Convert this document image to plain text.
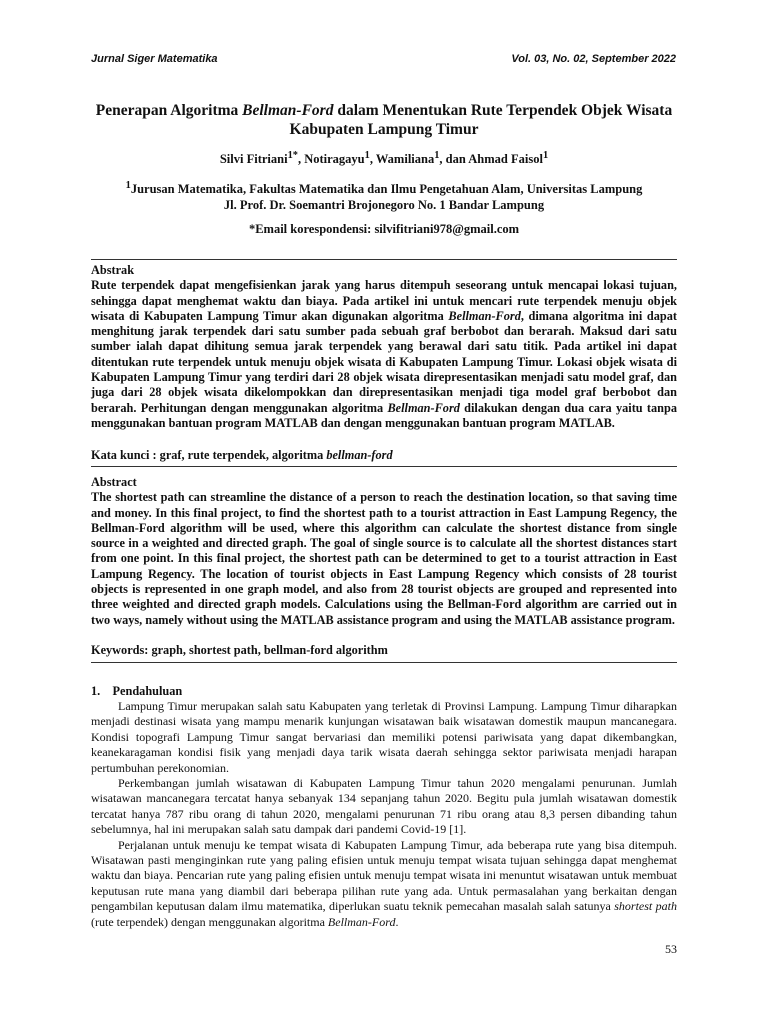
Jurnal Siger Matematika	Vol. 03, No. 02, September 2022
Penerapan Algoritma Bellman-Ford dalam Menentukan Rute Terpendek Objek Wisata Kabupaten Lampung Timur
Silvi Fitriani$^{1*}$, Notiragayu$^1$, Wamiliana$^1$, dan Ahmad Faisol$^1$
$^1$Jurusan Matematika, Fakultas Matematika dan Ilmu Pengetahuan Alam, Universitas Lampung
Jl. Prof. Dr. Soemantri Brojonegoro No. 1 Bandar Lampung
*Email korespondensi: silvifitriani978@gmail.com

Abstrak

Rute terpendek dapat mengefisienkan jarak yang harus ditempuh seseorang untuk mencapai lokasi tujuan, sehingga dapat menghemat waktu dan biaya. Pada artikel ini untuk mencari rute terpendek menuju objek wisata di Kabupaten Lampung Timur akan digunakan algoritma Bellman-Ford, dimana algoritma ini dapat menghitung jarak terpendek dari satu sumber pada sebuah graf berbobot dan berarah. Maksud dari satu sumber ialah dapat dihitung semua jarak terpendek yang berawal dari satu titik. Pada artikel ini dapat ditentukan rute terpendek untuk menuju objek wisata di Kabupaten Lampung Timur. Lokasi objek wisata di Kabupaten Lampung Timur yang terdiri dari 28 objek wisata direpresentasikan menjadi satu model graf, dan juga dari 28 objek wisata dikelompokkan dan direpresentasikan menjadi tiga model graf berbobot dan berarah. Perhitungan dengan menggunakan algoritma Bellman-Ford dilakukan dengan dua cara yaitu tanpa menggunakan bantuan program MATLAB dan dengan menggunakan bantuan program MATLAB.

Kata kunci : graf, rute terpendek, algoritma bellman-ford

Abstract

The shortest path can streamline the distance of a person to reach the destination location, so that saving time and money. In this final project, to find the shortest path to a tourist attraction in East Lampung Regency, the Bellman-Ford algorithm will be used, where this algorithm can calculate the shortest distance from single source in a weighted and directed graph. The goal of single source is to calculate all the shortest distances start from one point. In this final project, the shortest path can be determined to get to a tourist attraction in East Lampung Regency. The location of tourist objects in East Lampung Regency which consists of 28 tourist objects is represented in one graph model, and also from 28 tourist objects are grouped and represented into three weighted and directed graph models. Calculations using the Bellman-Ford algorithm are carried out in two ways, namely without using the MATLAB assistance program and using the MATLAB assistance program.

Keywords: graph, shortest path, bellman-ford algorithm
1. Pendahuluan

Lampung Timur merupakan salah satu Kabupaten yang terletak di Provinsi Lampung. Lampung Timur diharapkan menjadi destinasi wisata yang mampu menarik kunjungan wisatawan baik wisatawan domestik maupun mancanegara. Kondisi topografi Lampung Timur sangat bervariasi dan memiliki potensi pariwisata yang dapat dikembangkan, keanekaragaman kondisi fisik yang menjadi daya tarik wisata daerah sehingga sektor pariwisata menjadi harapan pertumbuhan perekonomian.

Perkembangan jumlah wisatawan di Kabupaten Lampung Timur tahun 2020 mengalami penurunan. Jumlah wisatawan mancanegara tercatat hanya sebanyak 134 sepanjang tahun 2020. Begitu pula jumlah wisatawan domestik tercatat hanya 787 ribu orang di tahun 2020, mengalami penurunan 71 ribu orang atau 8,3 persen dibanding tahun sebelumnya, hal ini merupakan salah satu dampak dari pandemi Covid-19 [1].

Perjalanan untuk menuju ke tempat wisata di Kabupaten Lampung Timur, ada beberapa rute yang bisa ditempuh. Wisatawan pasti menginginkan rute yang paling efisien untuk menuju tempat wisata tujuan sehingga dapat menghemat waktu dan biaya. Pencarian rute yang paling efisien untuk menuju tempat wisata ini menuntut wisatawan untuk membuat keputusan rute mana yang diambil dari beberapa pilihan rute yang ada. Untuk permasalahan yang berkaitan dengan pengambilan keputusan dalam ilmu matematika, diperlukan suatu teknik pemecahan masalah salah satunya shortest path (rute terpendek) dengan menggunakan algoritma Bellman-Ford.

53
